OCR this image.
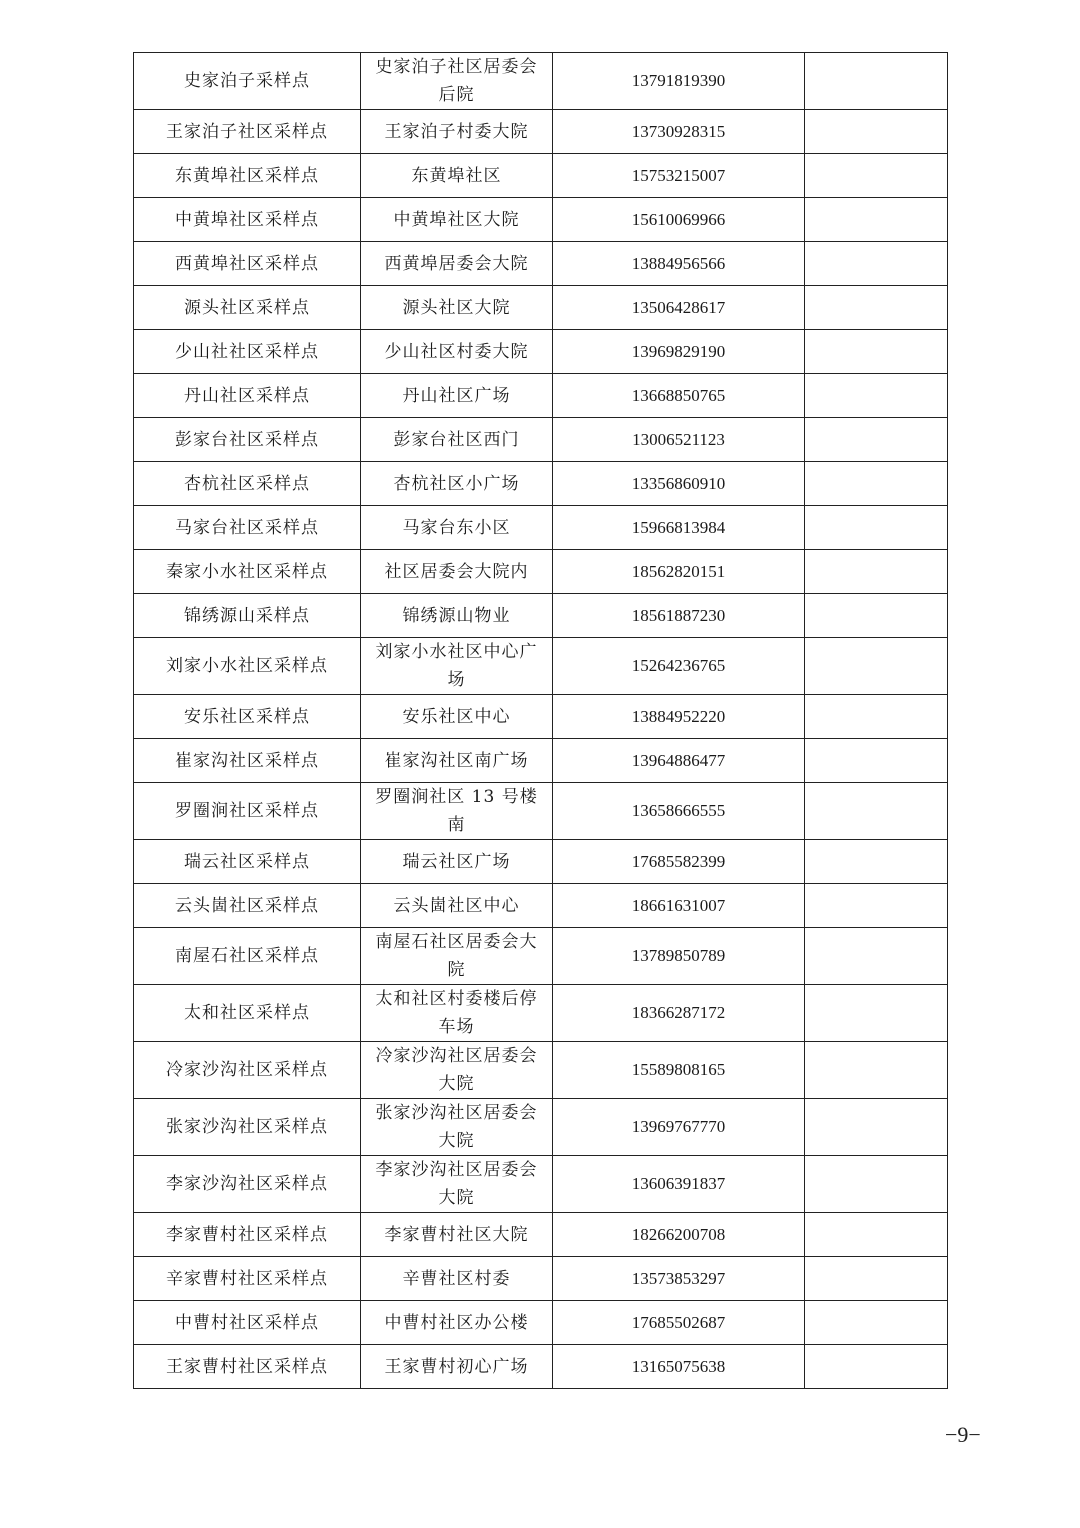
史家泊子采样点	史家泊子社区居委会后院	13791819390	
王家泊子社区采样点	王家泊子村委大院	13730928315	
东黄埠社区采样点	东黄埠社区	15753215007	
中黄埠社区采样点	中黄埠社区大院	15610069966	
西黄埠社区采样点	西黄埠居委会大院	13884956566	
源头社区采样点	源头社区大院	13506428617	
少山社社区采样点	少山社区村委大院	13969829190	
丹山社区采样点	丹山社区广场	13668850765	
彭家台社区采样点	彭家台社区西门	13006521123	
杏杭社区采样点	杏杭社区小广场	13356860910	
马家台社区采样点	马家台东小区	15966813984	
秦家小水社区采样点	社区居委会大院内	18562820151	
锦绣源山采样点	锦绣源山物业	18561887230	
刘家小水社区采样点	刘家小水社区中心广场	15264236765	
安乐社区采样点	安乐社区中心	13884952220	
崔家沟社区采样点	崔家沟社区南广场	13964886477	
罗圈涧社区采样点	罗圈涧社区 13 号楼南	13658666555	
瑞云社区采样点	瑞云社区广场	17685582399	
云头崮社区采样点	云头崮社区中心	18661631007	
南屋石社区采样点	南屋石社区居委会大院	13789850789	
太和社区采样点	太和社区村委楼后停车场	18366287172	
冷家沙沟社区采样点	冷家沙沟社区居委会大院	15589808165	
张家沙沟社区采样点	张家沙沟社区居委会大院	13969767770	
李家沙沟社区采样点	李家沙沟社区居委会大院	13606391837	
李家曹村社区采样点	李家曹村社区大院	18266200708	
辛家曹村社区采样点	辛曹社区村委	13573853297	
中曹村社区采样点	中曹村社区办公楼	17685502687	
王家曹村社区采样点	王家曹村初心广场	13165075638	
−9−
